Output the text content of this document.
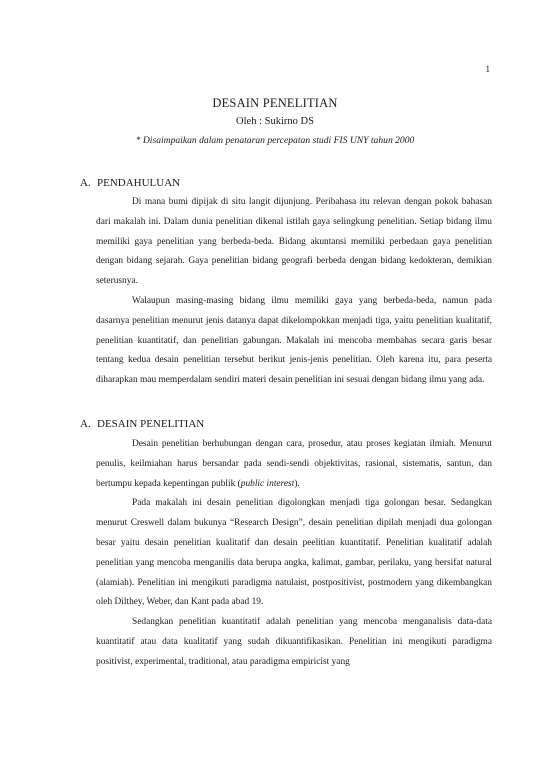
1
DESAIN PENELITIAN
Oleh : Sukirno DS
* Disaimpaikan dalam penataran percepatan studi FIS UNY tahun 2000
A. PENDAHULUAN

Di mana bumi dipijak di situ langit dijunjung. Peribahasa itu relevan dengan pokok bahasan dari makalah ini. Dalam dunia penelitian dikenal istilah gaya selingkung penelitian. Setiap bidang ilmu memiliki gaya penelitian yang berbeda-beda. Bidang akuntansi memiliki perbedaan gaya penelitian dengan bidang sejarah. Gaya penelitian bidang geografi berbeda dengan bidang kedokteran, demikian seterusnya.

Walaupun masing-masing bidang ilmu memiliki gaya yang berbeda-beda, namun pada dasarnya penelitian menurut jenis datanya dapat dikelompokkan menjadi tiga, yaitu penelitian kualitatif, penelitian kuantitatif, dan penelitian gabungan. Makalah ini mencoba membahas secara garis besar tentang kedua desain penelitian tersebut berikut jenis-jenis penelitian. Oleh karena itu, para peserta diharapkan mau memperdalam sendiri materi desain penelitian ini sesuai dengan bidang ilmu yang ada.

A. DESAIN PENELITIAN

Desain penelitian berhubungan dengan cara, prosedur, atau proses kegiatan ilmiah. Menurut penulis, keilmiahan harus bersandar pada sendi-sendi objektivitas, rasional, sistematis, santun, dan bertumpu kepada kepentingan publik (public interest).

Pada makalah ini desain penelitian digolongkan menjadi tiga golongan besar. Sedangkan menurut Creswell dalam bukunya “Research Design”, desain penelitian dipilah menjadi dua golongan besar yaitu desain penelitian kualitatif dan desain peelitian kuantitatif. Penelitian kualitatif adalah penelitian yang mencoba menganilis data berupa angka, kalimat, gambar, perilaku, yang bersifat natural (alamiah). Penelitian ini mengikuti paradigma natulaist, postpositivist, postmodern yang dikembangkan oleh Dilthey, Weber, dan Kant pada abad 19.

Sedangkan penelitian kuantitatif adalah penelitian yang mencoba menganalisis data-data kuantitatif atau data kualitatif yang sudah dikuantifikasikan. Penelitian ini mengikuti paradigma positivist, experimental, traditional, atau paradigma empiricist yang
